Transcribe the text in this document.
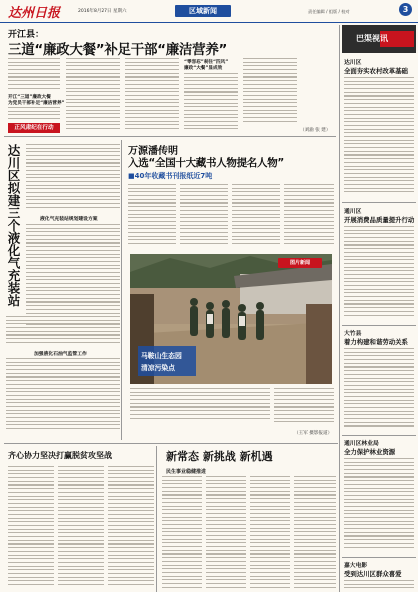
达州日报	2016年8月27日 星期六	区域新闻	责任编辑 / 组版 / 校对	3
开江县：
三道“廉政大餐”补足干部“廉洁营养”
开江“三道”廉政大餐
为党员干部补足“廉洁营养”
正风肃纪在行动
“零容忍”刹住“四风”
廉政“大餐”显成效
（刘渝 张 建）
达川区拟建三个液化气充装站	液化气充装站规划建设方案
加强液化石油气监管工作
万源潘传明
入选“全国十大藏书人物提名人物”
■40年收藏书刊报纸近7吨
图片新闻
马鞍山生态园
清凉污染点
（王军 摄影报道）
巴渠视讯
达川区
全面夯实农村改革基础
通川区
开展消费品质量提升行动
大竹县
着力构建和谐劳动关系
通川区林业局
全力保护林业资源
嘉大电影
受到达川区群众喜爱
齐心协力坚决打赢脱贫攻坚战	新常态 新挑战 新机遇
民生事业稳健推进
